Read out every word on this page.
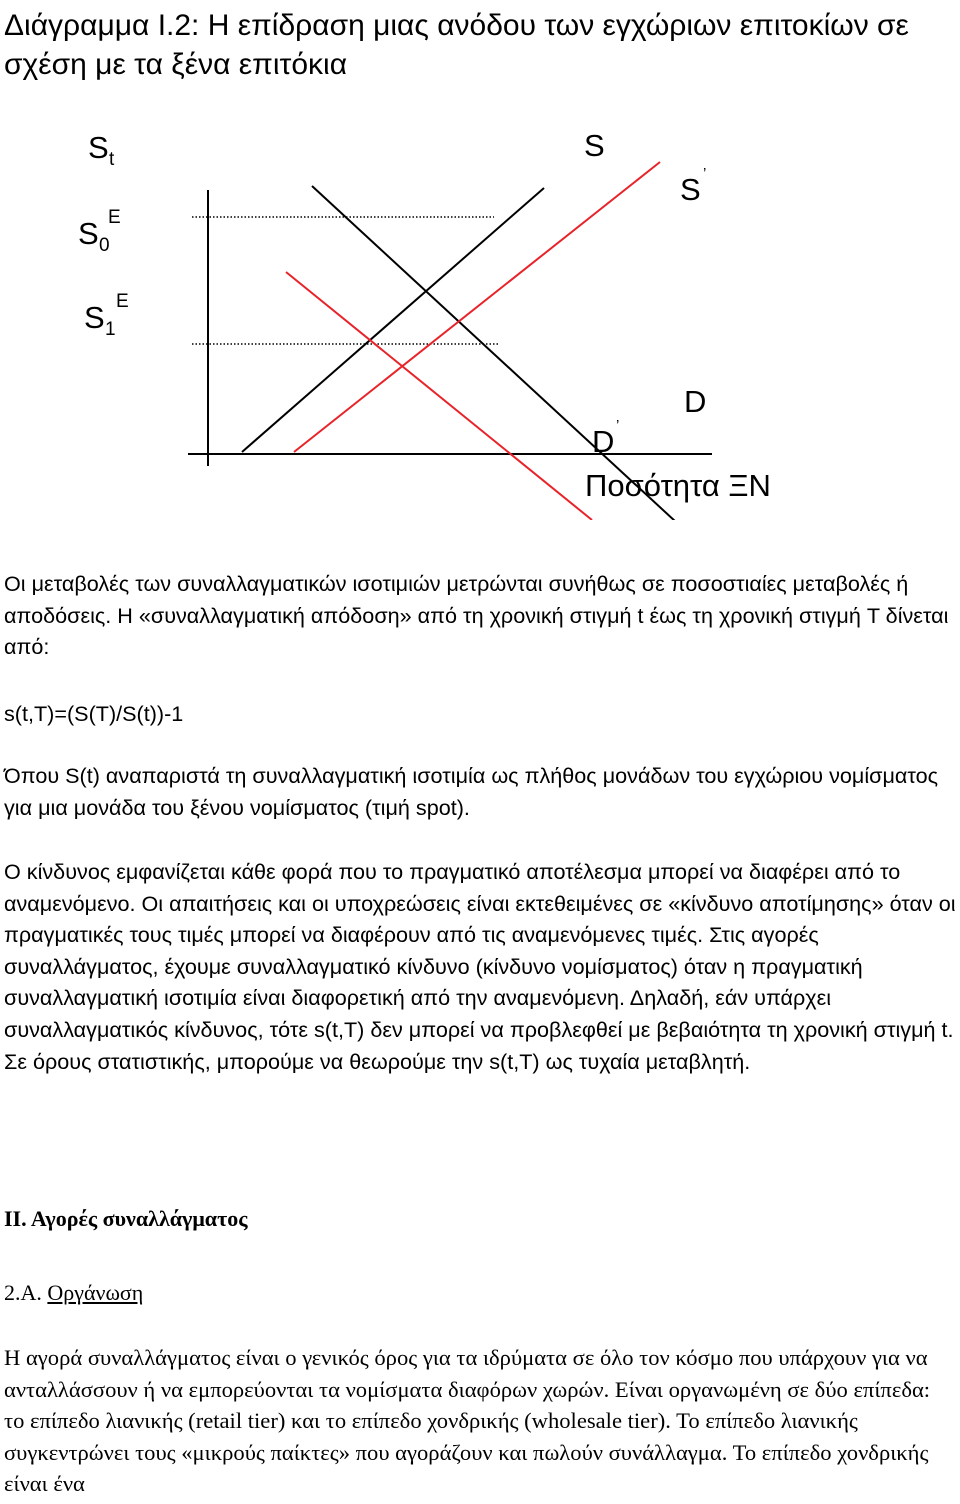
Διάγραμμα Ι.2: Η επίδραση μιας ανόδου των εγχώριων επιτοκίων σε σχέση με τα ξένα επιτόκια
S t
S 0
E
S 1
E
S
S ’
D
D ’
Ποσότητα ΞΝ

Οι μεταβολές των συναλλαγματικών ισοτιμιών μετρώνται συνήθως σε ποσοστιαίες μεταβολές ή αποδόσεις. Η «συναλλαγματική απόδοση» από τη χρονική στιγμή t έως τη χρονική στιγμή T δίνεται από:

s(t,T)=(S(T)/S(t))-1

Όπου S(t) αναπαριστά τη συναλλαγματική ισοτιμία ως πλήθος μονάδων του εγχώριου νομίσματος για μια μονάδα του ξένου νομίσματος (τιμή spot).

Ο κίνδυνος εμφανίζεται κάθε φορά που το πραγματικό αποτέλεσμα μπορεί να διαφέρει από το αναμενόμενο. Οι απαιτήσεις και οι υποχρεώσεις είναι εκτεθειμένες σε «κίνδυνο αποτίμησης» όταν οι πραγματικές τους τιμές μπορεί να διαφέρουν από τις αναμενόμενες τιμές. Στις αγορές συναλλάγματος, έχουμε συναλλαγματικό κίνδυνο (κίνδυνο νομίσματος) όταν η πραγματική συναλλαγματική ισοτιμία είναι διαφορετική από την αναμενόμενη. Δηλαδή, εάν υπάρχει συναλλαγματικός κίνδυνος, τότε s(t,T) δεν μπορεί να προβλεφθεί με βεβαιότητα τη χρονική στιγμή t. Σε όρους στατιστικής, μπορούμε να θεωρούμε την s(t,T) ως τυχαία μεταβλητή.

ΙΙ. Αγορές συναλλάγματος
2.Α. Οργάνωση

Η αγορά συναλλάγματος είναι ο γενικός όρος για τα ιδρύματα σε όλο τον κόσμο που υπάρχουν για να ανταλλάσσουν ή να εμπορεύονται τα νομίσματα διαφόρων χωρών. Είναι οργανωμένη σε δύο επίπεδα: το επίπεδο λιανικής (retail tier) και το επίπεδο χονδρικής (wholesale tier). Το επίπεδο λιανικής συγκεντρώνει τους «μικρούς παίκτες» που αγοράζουν και πωλούν συνάλλαγμα. Το επίπεδο χονδρικής είναι ένα
